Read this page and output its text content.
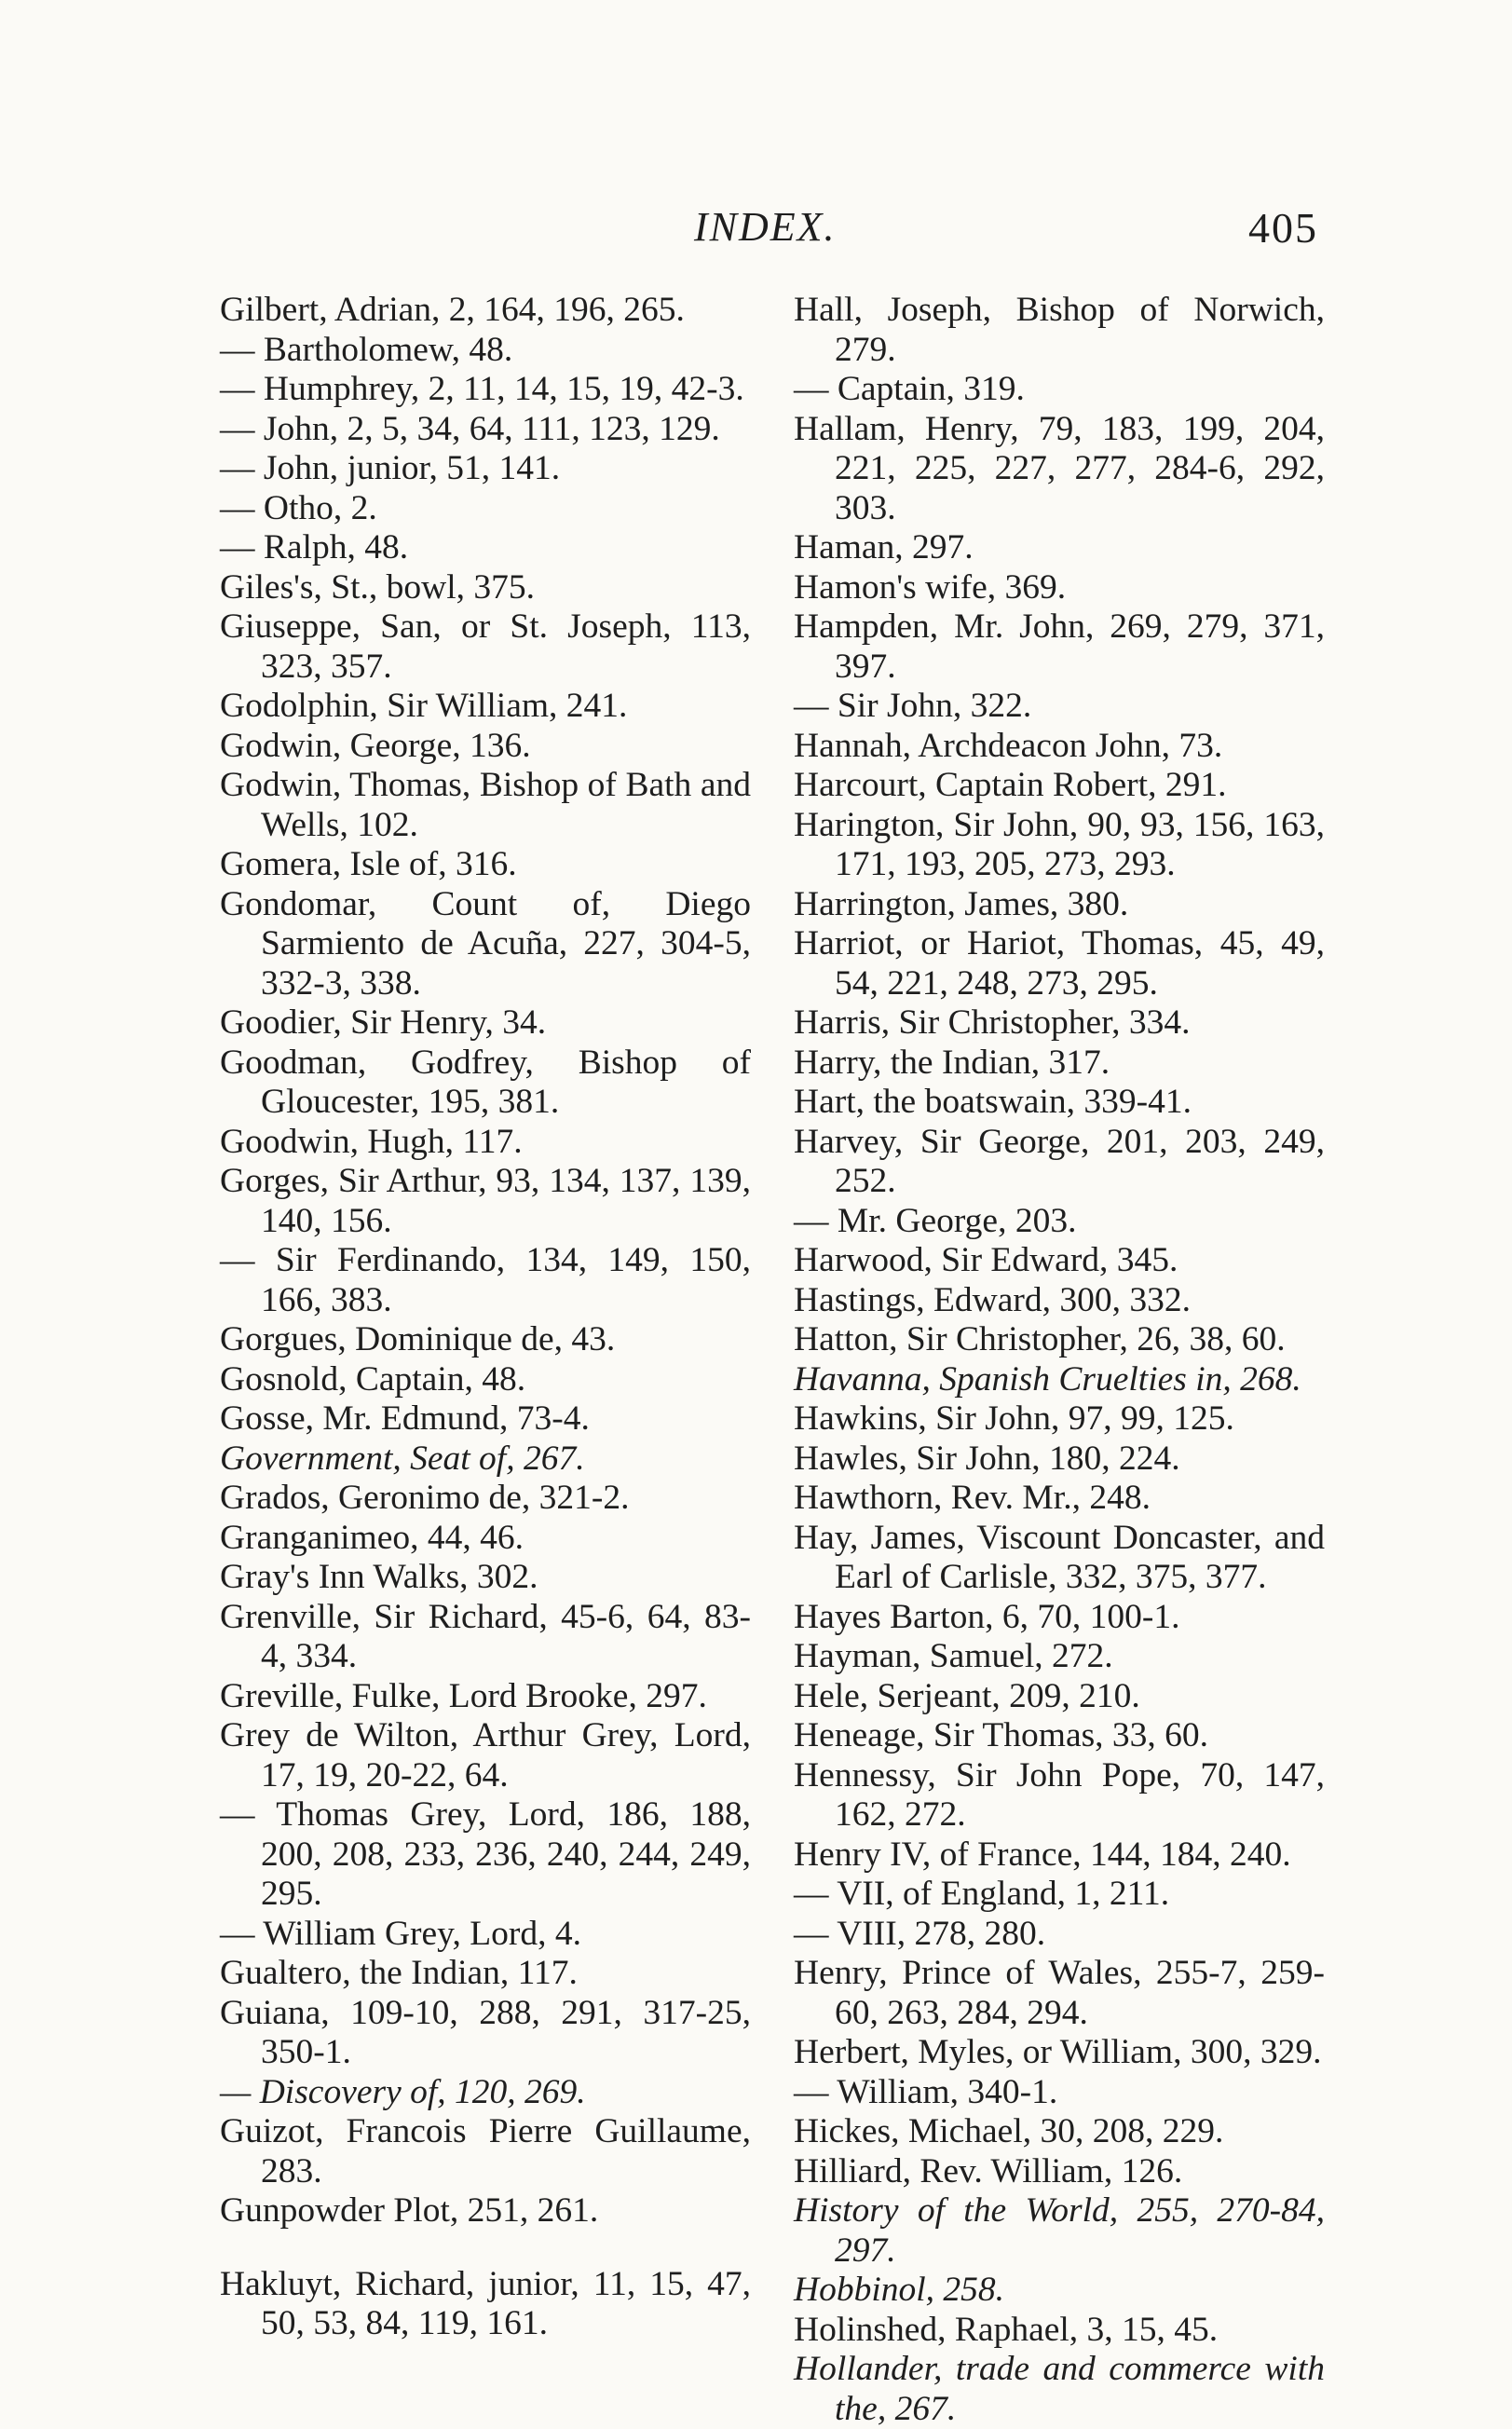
INDEX.	405

Gilbert, Adrian, 2, 164, 196, 265.

— Bartholomew, 48.

— Humphrey, 2, 11, 14, 15, 19, 42-3.

— John, 2, 5, 34, 64, 111, 123, 129.

— John, junior, 51, 141.

— Otho, 2.

— Ralph, 48.

Giles's, St., bowl, 375.

Giuseppe, San, or St. Joseph, 113, 323, 357.

Godolphin, Sir William, 241.

Godwin, George, 136.

Godwin, Thomas, Bishop of Bath and Wells, 102.

Gomera, Isle of, 316.

Gondomar, Count of, Diego Sarmiento de Acuña, 227, 304-5, 332-3, 338.

Goodier, Sir Henry, 34.

Goodman, Godfrey, Bishop of Gloucester, 195, 381.

Goodwin, Hugh, 117.

Gorges, Sir Arthur, 93, 134, 137, 139, 140, 156.

— Sir Ferdinando, 134, 149, 150, 166, 383.

Gorgues, Dominique de, 43.

Gosnold, Captain, 48.

Gosse, Mr. Edmund, 73-4.

Government, Seat of, 267.

Grados, Geronimo de, 321-2.

Granganimeo, 44, 46.

Gray's Inn Walks, 302.

Grenville, Sir Richard, 45-6, 64, 83-4, 334.

Greville, Fulke, Lord Brooke, 297.

Grey de Wilton, Arthur Grey, Lord, 17, 19, 20-22, 64.

— Thomas Grey, Lord, 186, 188, 200, 208, 233, 236, 240, 244, 249, 295.

— William Grey, Lord, 4.

Gualtero, the Indian, 117.

Guiana, 109-10, 288, 291, 317-25, 350-1.

— Discovery of, 120, 269.

Guizot, Francois Pierre Guillaume, 283.

Gunpowder Plot, 251, 261.

Hakluyt, Richard, junior, 11, 15, 47, 50, 53, 84, 119, 161.

Hall, Joseph, Bishop of Norwich, 279.

— Captain, 319.

Hallam, Henry, 79, 183, 199, 204, 221, 225, 227, 277, 284-6, 292, 303.

Haman, 297.

Hamon's wife, 369.

Hampden, Mr. John, 269, 279, 371, 397.

— Sir John, 322.

Hannah, Archdeacon John, 73.

Harcourt, Captain Robert, 291.

Harington, Sir John, 90, 93, 156, 163, 171, 193, 205, 273, 293.

Harrington, James, 380.

Harriot, or Hariot, Thomas, 45, 49, 54, 221, 248, 273, 295.

Harris, Sir Christopher, 334.

Harry, the Indian, 317.

Hart, the boatswain, 339-41.

Harvey, Sir George, 201, 203, 249, 252.

— Mr. George, 203.

Harwood, Sir Edward, 345.

Hastings, Edward, 300, 332.

Hatton, Sir Christopher, 26, 38, 60.

Havanna, Spanish Cruelties in, 268.

Hawkins, Sir John, 97, 99, 125.

Hawles, Sir John, 180, 224.

Hawthorn, Rev. Mr., 248.

Hay, James, Viscount Doncaster, and Earl of Carlisle, 332, 375, 377.

Hayes Barton, 6, 70, 100-1.

Hayman, Samuel, 272.

Hele, Serjeant, 209, 210.

Heneage, Sir Thomas, 33, 60.

Hennessy, Sir John Pope, 70, 147, 162, 272.

Henry IV, of France, 144, 184, 240.

— VII, of England, 1, 211.

— VIII, 278, 280.

Henry, Prince of Wales, 255-7, 259-60, 263, 284, 294.

Herbert, Myles, or William, 300, 329.

— William, 340-1.

Hickes, Michael, 30, 208, 229.

Hilliard, Rev. William, 126.

History of the World, 255, 270-84, 297.

Hobbinol, 258.

Holinshed, Raphael, 3, 15, 45.

Hollander, trade and commerce with the, 267.
